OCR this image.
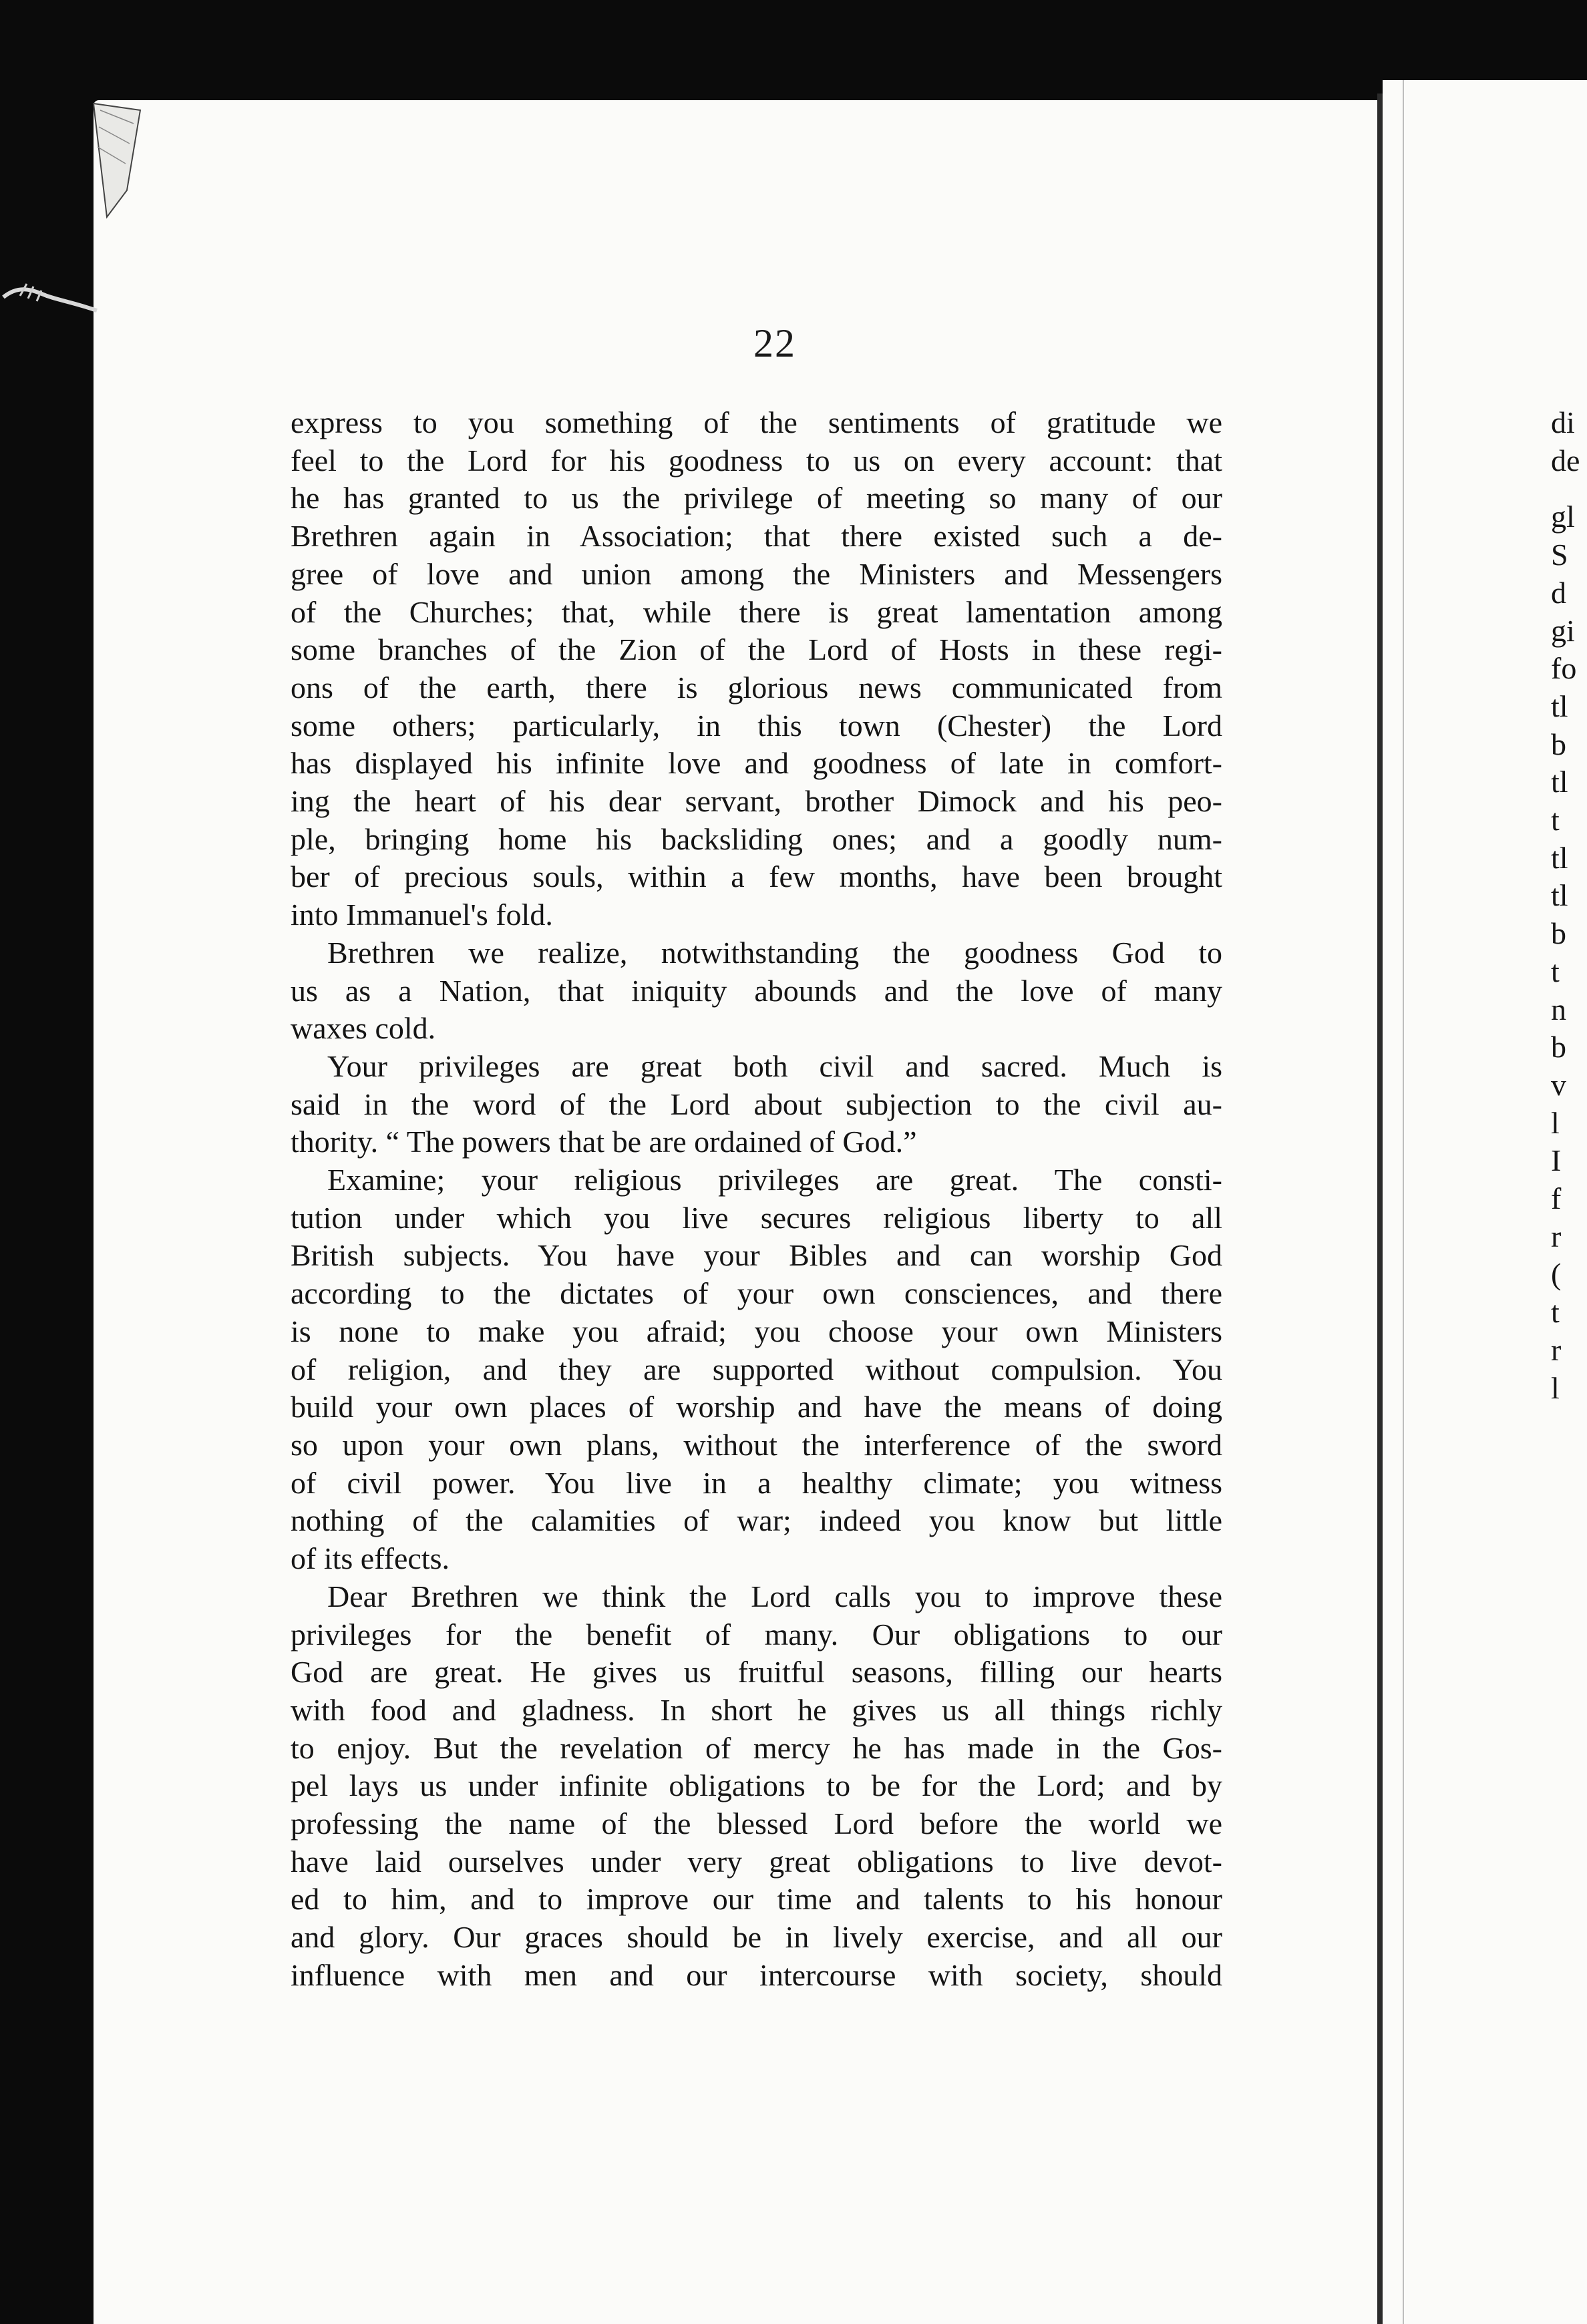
22
express to you something of the sentiments of gratitude we
feel to the Lord for his goodness to us on every account: that
he has granted to us the privilege of meeting so many of our
Brethren again in Association; that there existed such a de-
gree of love and union among the Ministers and Messengers
of the Churches; that, while there is great lamentation among
some branches of the Zion of the Lord of Hosts in these regi-
ons of the earth, there is glorious news communicated from
some others; particularly, in this town (Chester) the Lord
has displayed his infinite love and goodness of late in comfort-
ing the heart of his dear servant, brother Dimock and his peo-
ple, bringing home his backsliding ones; and a goodly num-
ber of precious souls, within a few months, have been brought
into Immanuel's fold.
Brethren we realize, notwithstanding the goodness God to
us as a Nation, that iniquity abounds and the love of many
waxes cold.
Your privileges are great both civil and sacred. Much is
said in the word of the Lord about subjection to the civil au-
thority. “ The powers that be are ordained of God.”
Examine; your religious privileges are great. The consti-
tution under which you live secures religious liberty to all
British subjects. You have your Bibles and can worship God
according to the dictates of your own consciences, and there
is none to make you afraid; you choose your own Ministers
of religion, and they are supported without compulsion. You
build your own places of worship and have the means of doing
so upon your own plans, without the interference of the sword
of civil power. You live in a healthy climate; you witness
nothing of the calamities of war; indeed you know but little
of its effects.
Dear Brethren we think the Lord calls you to improve these
privileges for the benefit of many. Our obligations to our
God are great. He gives us fruitful seasons, filling our hearts
with food and gladness. In short he gives us all things richly
to enjoy. But the revelation of mercy he has made in the Gos-
pel lays us under infinite obligations to be for the Lord; and by
professing the name of the blessed Lord before the world we
have laid ourselves under very great obligations to live devot-
ed to him, and to improve our time and talents to his honour
and glory. Our graces should be in lively exercise, and all our
influence with men and our intercourse with society, should
di
de
gl
S
d
gi
fo
tl
b
tl
t
tl
tl
b
t
n
b
v
l
I
f
r
(
t
r
l
